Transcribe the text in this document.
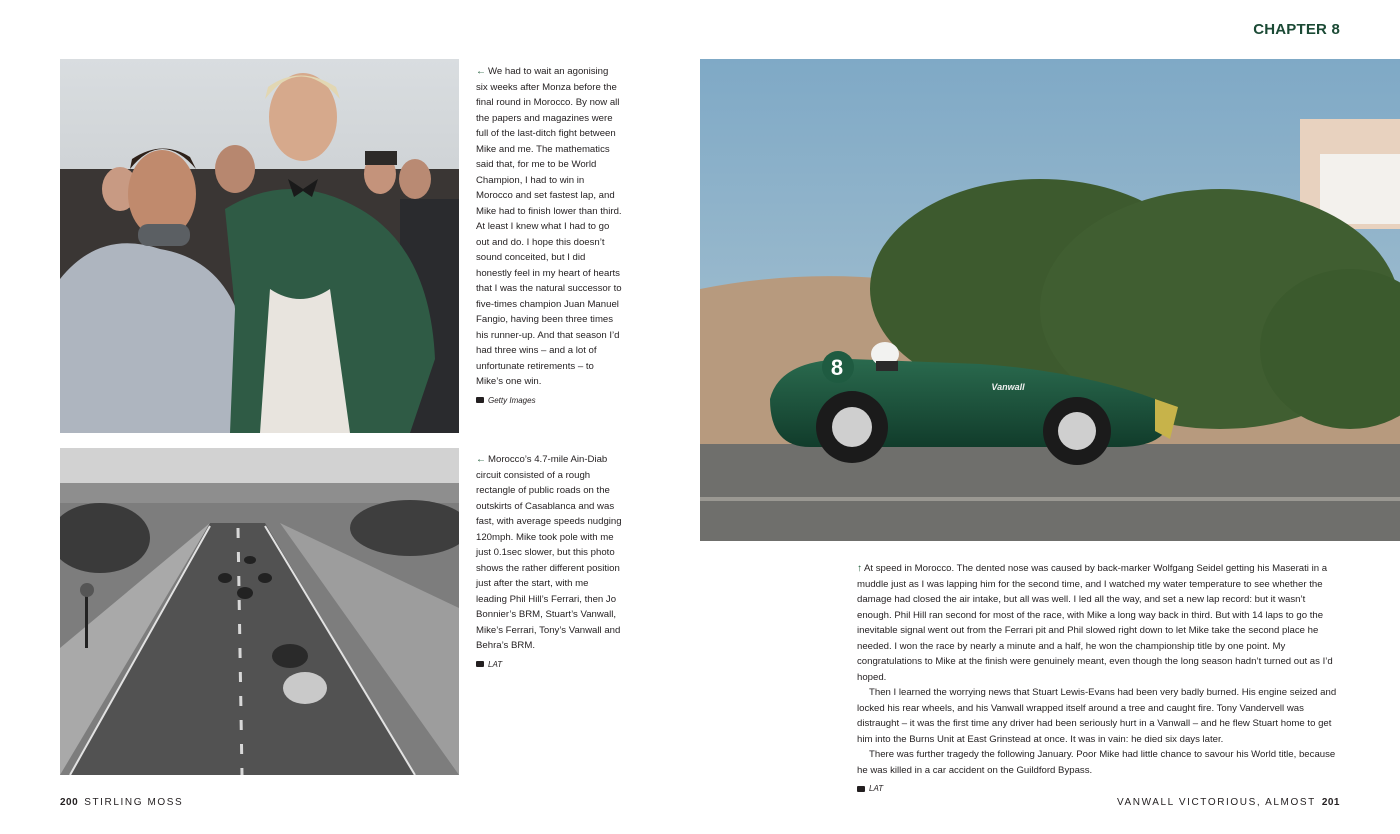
CHAPTER 8
← We had to wait an agonising six weeks after Monza before the final round in Morocco. By now all the papers and magazines were full of the last-ditch fight between Mike and me. The mathematics said that, for me to be World Champion, I had to win in Morocco and set fastest lap, and Mike had to finish lower than third. At least I knew what I had to go out and do. I hope this doesn’t sound conceited, but I did honestly feel in my heart of hearts that I was the natural successor to five-times champion Juan Manuel Fangio, having been three times his runner-up. And that season I’d had three wins – and a lot of unfortunate retirements – to Mike’s one win.
Getty Images
← Morocco’s 4.7-mile Ain-Diab circuit consisted of a rough rectangle of public roads on the outskirts of Casablanca and was fast, with average speeds nudging 120mph. Mike took pole with me just 0.1sec slower, but this photo shows the rather different position just after the start, with me leading Phil Hill’s Ferrari, then Jo Bonnier’s BRM, Stuart’s Vanwall, Mike’s Ferrari, Tony’s Vanwall and Behra’s BRM.
LAT
8
Vanwall

↑ At speed in Morocco. The dented nose was caused by back-marker Wolfgang Seidel getting his Maserati in a muddle just as I was lapping him for the second time, and I watched my water temperature to see whether the damage had closed the air intake, but all was well. I led all the way, and set a new lap record: but it wasn’t enough. Phil Hill ran second for most of the race, with Mike a long way back in third. But with 14 laps to go the inevitable signal went out from the Ferrari pit and Phil slowed right down to let Mike take the second place he needed. I won the race by nearly a minute and a half, he won the championship title by one point. My congratulations to Mike at the finish were genuinely meant, even though the long season hadn’t turned out as I’d hoped.

Then I learned the worrying news that Stuart Lewis-Evans had been very badly burned. His engine seized and locked his rear wheels, and his Vanwall wrapped itself around a tree and caught fire. Tony Vandervell was distraught – it was the first time any driver had been seriously hurt in a Vanwall – and he flew Stuart home to get him into the Burns Unit at East Grinstead at once. It was in vain: he died six days later.

There was further tragedy the following January. Poor Mike had little chance to savour his World title, because he was killed in a car accident on the Guildford Bypass.

LAT
200 STIRLING MOSS	VANWALL VICTORIOUS, ALMOST 201
